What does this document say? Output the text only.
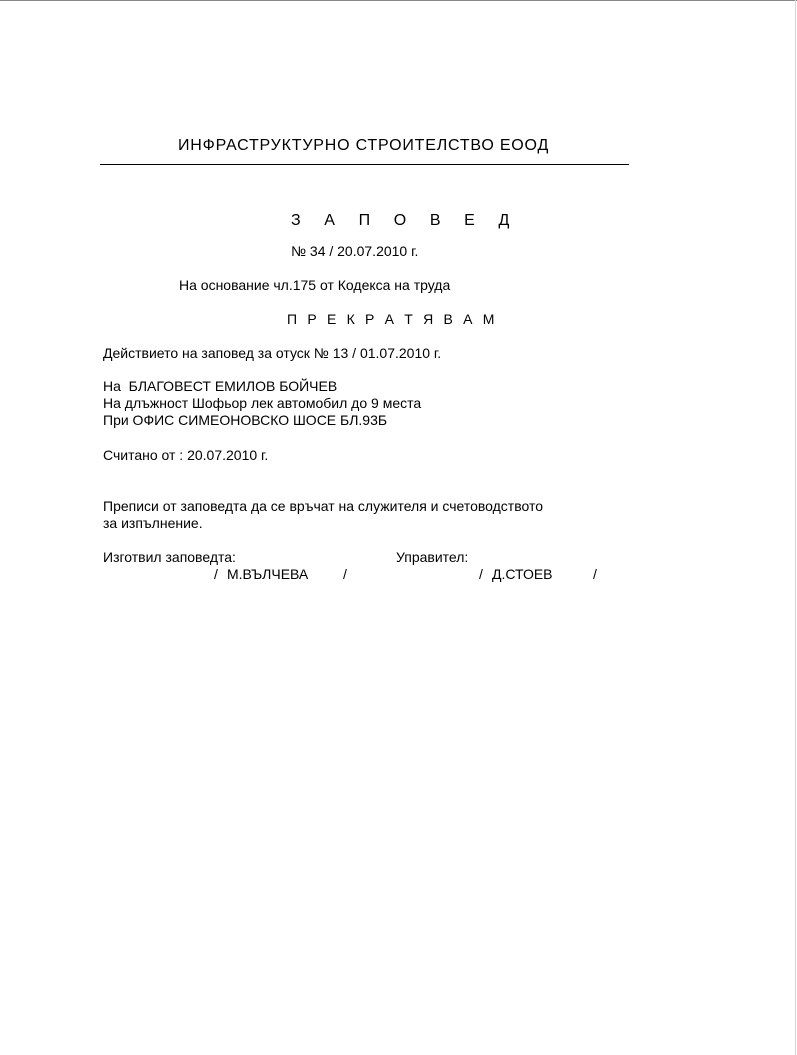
ИНФРАСТРУКТУРНО СТРОИТЕЛСТВО ЕООД
З А П О В Е Д
№ 34 / 20.07.2010 г.
На основание чл.175 от Кодекса на труда
П Р Е К Р А Т Я В А М
Действието на заповед за отуск № 13 / 01.07.2010 г.
На  БЛАГОВЕСТ ЕМИЛОВ БОЙЧЕВ
На длъжност Шофьор лек автомобил до 9 места
При ОФИС СИМЕОНОВСКО ШОСЕ БЛ.93Б
Считано от : 20.07.2010 г.
Преписи от заповедта да се връчат на служителя и счетоводството
за изпълнение.
Изготвил заповедта:	Управител:
/ М.ВЪЛЧЕВА /	/ Д.СТОЕВ	/
